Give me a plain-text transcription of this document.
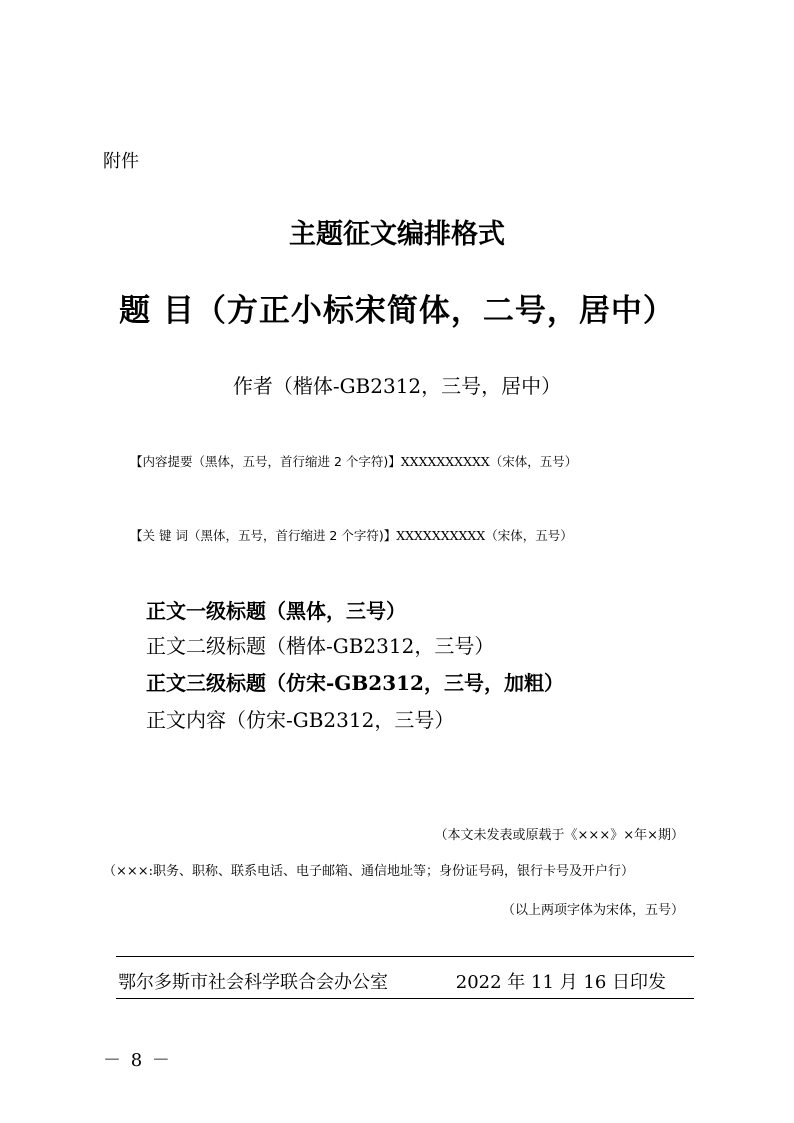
附件
主题征文编排格式
题 目（方正小标宋简体，二号，居中）
作者（楷体-GB2312，三号，居中）
【内容提要（黑体，五号，首行缩进 2 个字符)】XXXXXXXXXX（宋体，五号）
【关 键 词（黑体，五号，首行缩进 2 个字符)】XXXXXXXXXX（宋体，五号）
正文一级标题（黑体，三号）
正文二级标题（楷体-GB2312，三号）
正文三级标题（仿宋-GB2312，三号，加粗）
正文内容（仿宋-GB2312，三号）
（本文未发表或原载于《×××》×年×期）
（×××:职务、职称、联系电话、电子邮箱、通信地址等；身份证号码，银行卡号及开户行）
（以上两项字体为宋体，五号）
鄂尔多斯市社会科学联合会办公室	2022 年 11 月 16 日印发
－ 8 －
